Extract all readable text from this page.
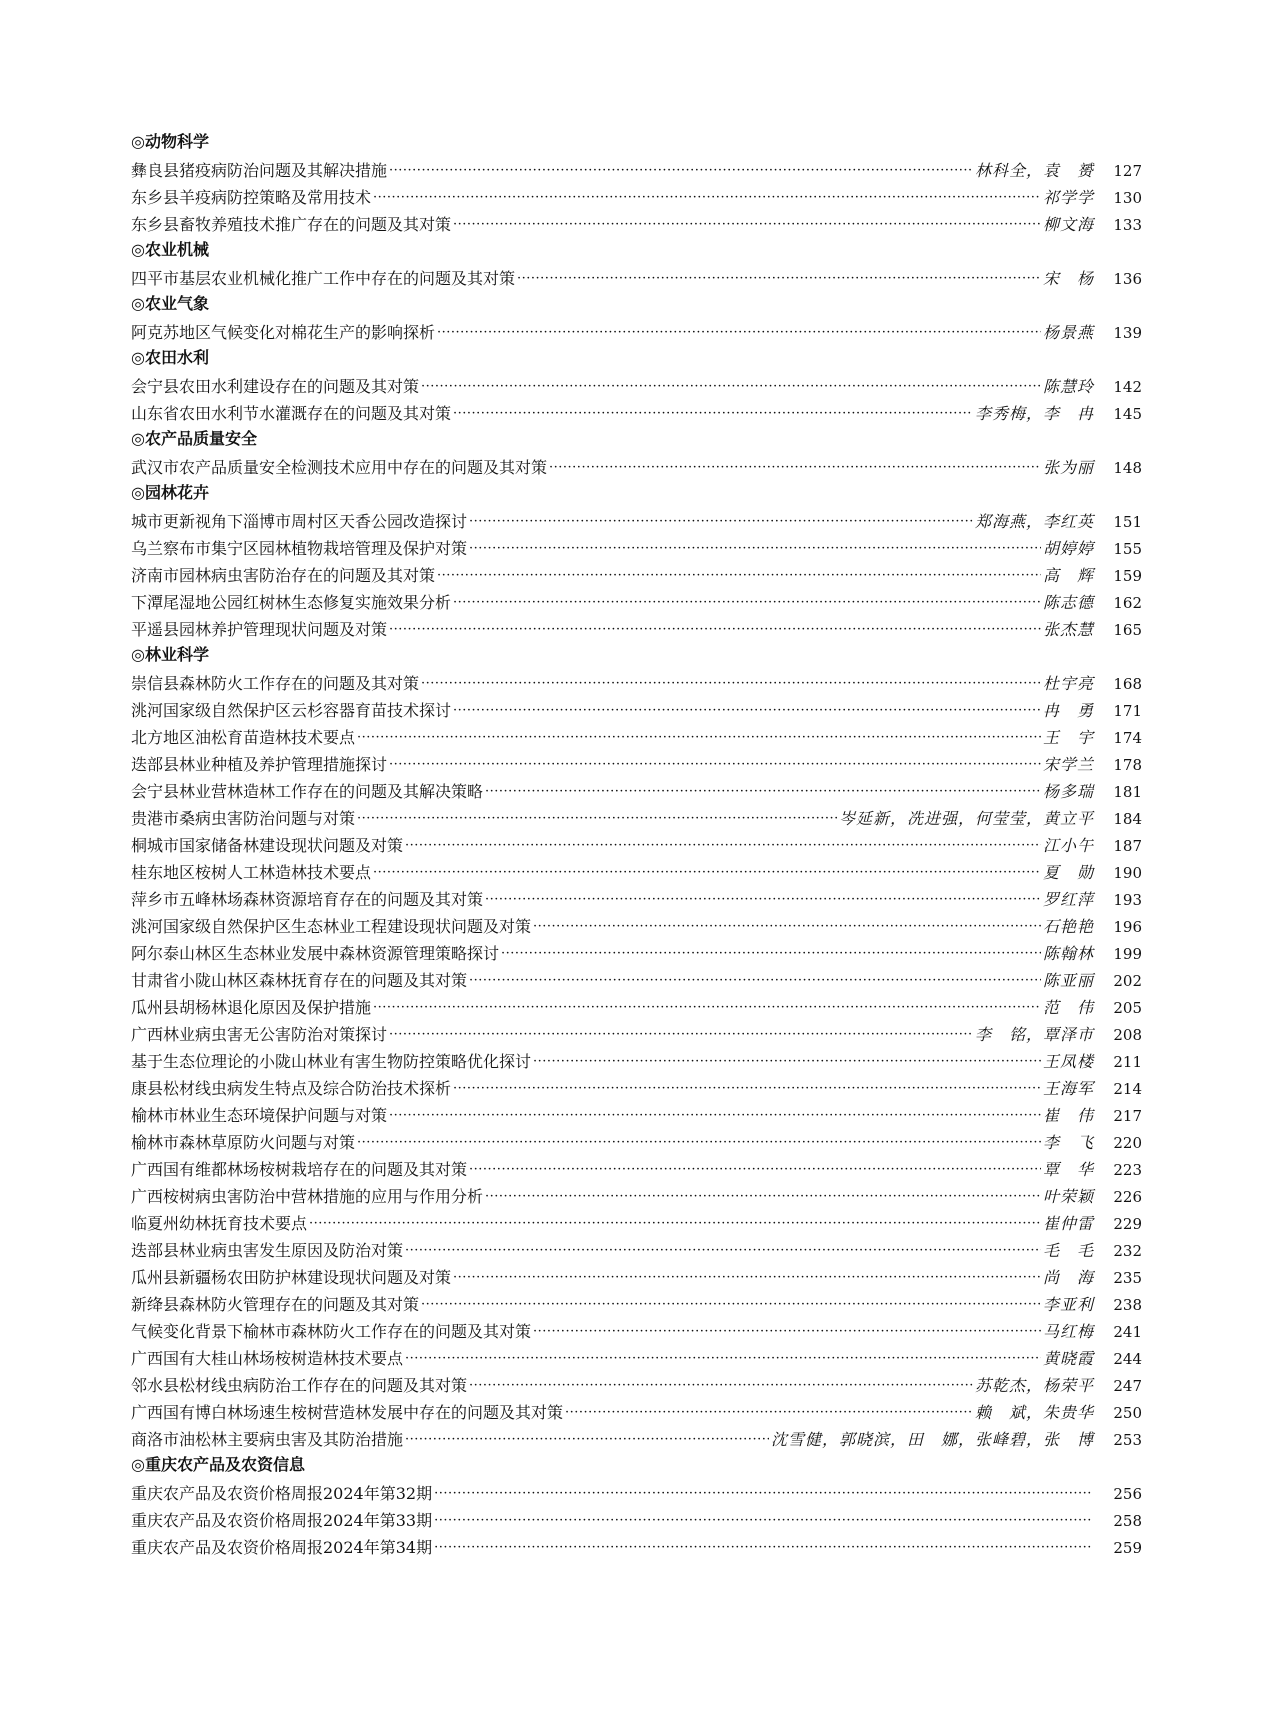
◎动物科学
彝良县猪疫病防治问题及其解决措施 ·····	林科全，袁　赟	127
东乡县羊疫病防控策略及常用技术 ·····	祁学学	130
东乡县畜牧养殖技术推广存在的问题及其对策 ·····	柳文海	133
◎农业机械
四平市基层农业机械化推广工作中存在的问题及其对策 ·····	宋　杨	136
◎农业气象
阿克苏地区气候变化对棉花生产的影响探析 ·····	杨景燕	139
◎农田水利
会宁县农田水利建设存在的问题及其对策 ·····	陈慧玲	142
山东省农田水利节水灌溉存在的问题及其对策 ·····	李秀梅，李　冉	145
◎农产品质量安全
武汉市农产品质量安全检测技术应用中存在的问题及其对策 ·····	张为丽	148
◎园林花卉
城市更新视角下淄博市周村区天香公园改造探讨 ·····	郑海燕，李红英	151
乌兰察布市集宁区园林植物栽培管理及保护对策 ·····	胡婷婷	155
济南市园林病虫害防治存在的问题及其对策 ·····	高　辉	159
下潭尾湿地公园红树林生态修复实施效果分析 ·····	陈志德	162
平遥县园林养护管理现状问题及对策 ·····	张杰慧	165
◎林业科学
崇信县森林防火工作存在的问题及其对策 ·····	杜宇亮	168
洮河国家级自然保护区云杉容器育苗技术探讨 ·····	冉　勇	171
北方地区油松育苗造林技术要点 ·····	王　宇	174
迭部县林业种植及养护管理措施探讨 ·····	宋学兰	178
会宁县林业营林造林工作存在的问题及其解决策略 ·····	杨多瑞	181
贵港市桑病虫害防治问题与对策 ·····	岑延新，冼进强，何莹莹，黄立平	184
桐城市国家储备林建设现状问题及对策 ·····	江小午	187
桂东地区桉树人工林造林技术要点 ·····	夏　勋	190
萍乡市五峰林场森林资源培育存在的问题及其对策 ·····	罗红萍	193
洮河国家级自然保护区生态林业工程建设现状问题及对策 ·····	石艳艳	196
阿尔泰山林区生态林业发展中森林资源管理策略探讨 ·····	陈翰林	199
甘肃省小陇山林区森林抚育存在的问题及其对策 ·····	陈亚丽	202
瓜州县胡杨林退化原因及保护措施 ·····	范　伟	205
广西林业病虫害无公害防治对策探讨 ·····	李　铭，覃泽市	208
基于生态位理论的小陇山林业有害生物防控策略优化探讨 ·····	王凤楼	211
康县松材线虫病发生特点及综合防治技术探析 ·····	王海军	214
榆林市林业生态环境保护问题与对策 ·····	崔　伟	217
榆林市森林草原防火问题与对策 ·····	李　飞	220
广西国有维都林场桉树栽培存在的问题及其对策 ·····	覃　华	223
广西桉树病虫害防治中营林措施的应用与作用分析 ·····	叶荣颖	226
临夏州幼林抚育技术要点 ·····	崔仲雷	229
迭部县林业病虫害发生原因及防治对策 ·····	毛　毛	232
瓜州县新疆杨农田防护林建设现状问题及对策 ·····	尚　海	235
新绛县森林防火管理存在的问题及其对策 ·····	李亚利	238
气候变化背景下榆林市森林防火工作存在的问题及其对策 ·····	马红梅	241
广西国有大桂山林场桉树造林技术要点 ·····	黄晓霞	244
邻水县松材线虫病防治工作存在的问题及其对策 ·····	苏乾杰，杨荣平	247
广西国有博白林场速生桉树营造林发展中存在的问题及其对策 ·····	赖　斌，朱贵华	250
商洛市油松林主要病虫害及其防治措施 ·····	沈雪健，郭晓滨，田　娜，张峰碧，张　博	253
◎重庆农产品及农资信息
重庆农产品及农资价格周报2024年第32期 ·····	256
重庆农产品及农资价格周报2024年第33期 ·····	258
重庆农产品及农资价格周报2024年第34期 ·····	259
